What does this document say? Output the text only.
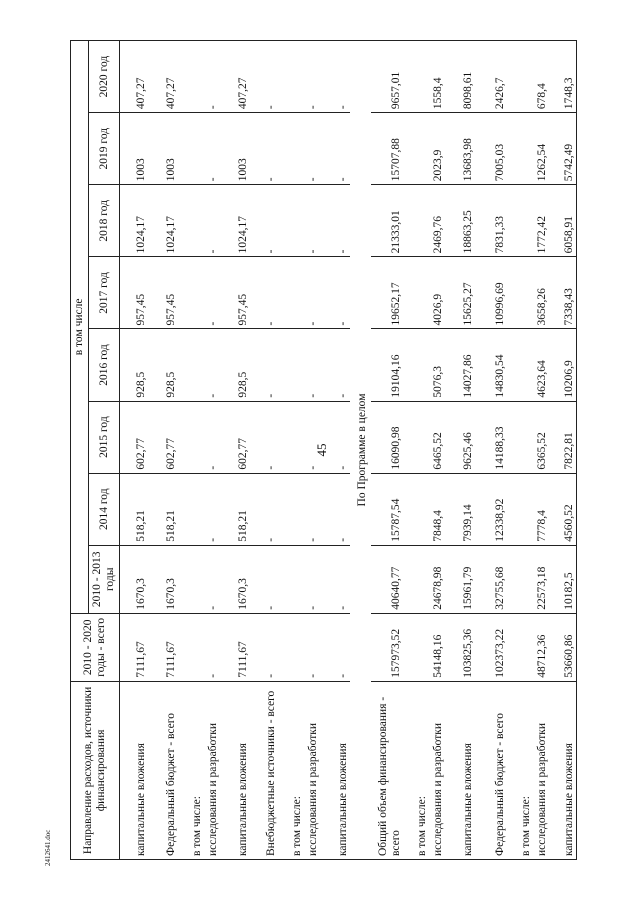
45
2412641.doc	Направление расходов, источники финансирования	2010 - 2020 годы - всего	в том числе							
		2010 - 2013 годы	2014 год	2015 год	2016 год	2017 год	2018 год	2019 год	2020 год
капитальные вложения	7111,67	1670,3	518,21	602,77	928,5	957,45	1024,17	1003	407,27
Федеральный бюджет - всего	7111,67	1670,3	518,21	602,77	928,5	957,45	1024,17	1003	407,27
в том числе:									
исследования и разработки	-	-	-	-	-	-	-	-	-
капитальные вложения	7111,67	1670,3	518,21	602,77	928,5	957,45	1024,17	1003	407,27
Внебюджетные источники - всего	-	-	-	-	-	-	-	-	-
в том числе:									
исследования и разработки	-	-	-	-	-	-	-	-	-
капитальные вложения	-	-	-	-	-	-	-	-	-
По Программе в целом									
Общий объем финансирования - всего	157973,52	40640,77	15787,54	16090,98	19104,16	19652,17	21333,01	15707,88	9657,01
в том числе:									
исследования и разработки	54148,16	24678,98	7848,4	6465,52	5076,3	4026,9	2469,76	2023,9	1558,4
капитальные вложения	103825,36	15961,79	7939,14	9625,46	14027,86	15625,27	18863,25	13683,98	8098,61
Федеральный бюджет - всего	102373,22	32755,68	12338,92	14188,33	14830,54	10996,69	7831,33	7005,03	2426,7
в том числе:									
исследования и разработки	48712,36	22573,18	7778,4	6365,52	4623,64	3658,26	1772,42	1262,54	678,4
капитальные вложения	53660,86	10182,5	4560,52	7822,81	10206,9	7338,43	6058,91	5742,49	1748,3
